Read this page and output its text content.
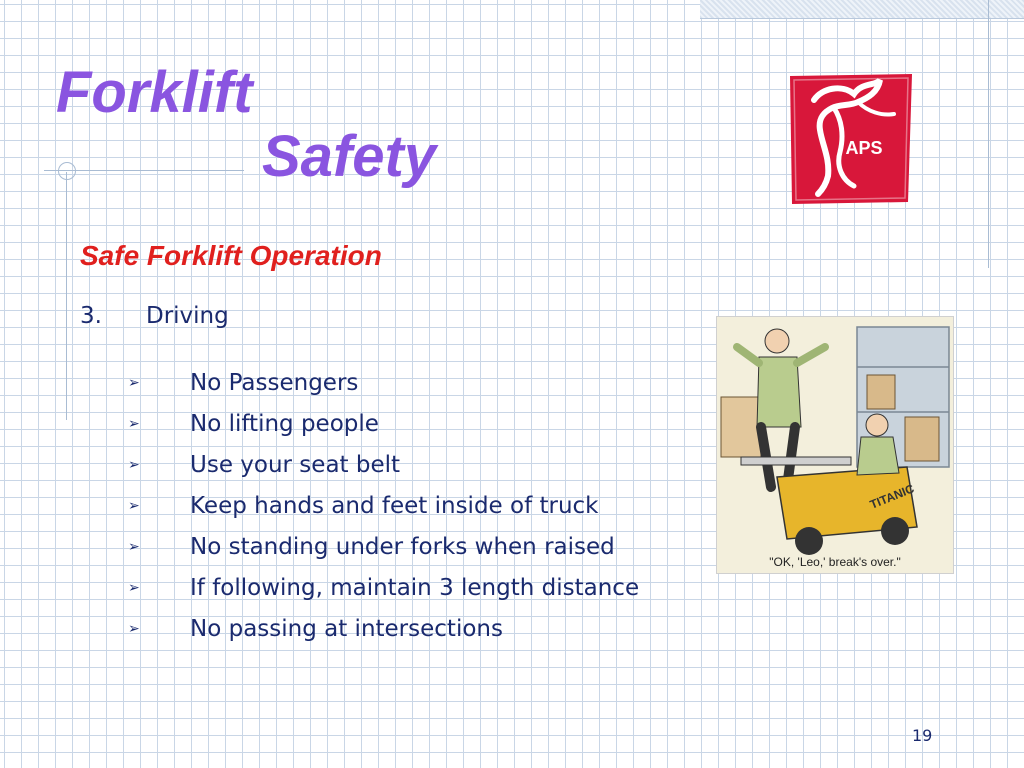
Forklift
Safety	APS
Safe Forklift Operation
3. Driving
➢	No Passengers
➢	No lifting people
➢	Use your seat belt
➢	Keep hands and feet inside of truck
➢	No standing under forks when raised
➢	If following, maintain 3 length distance
➢	No passing at intersections
TITANIC
"OK, 'Leo,' break's over."
19
